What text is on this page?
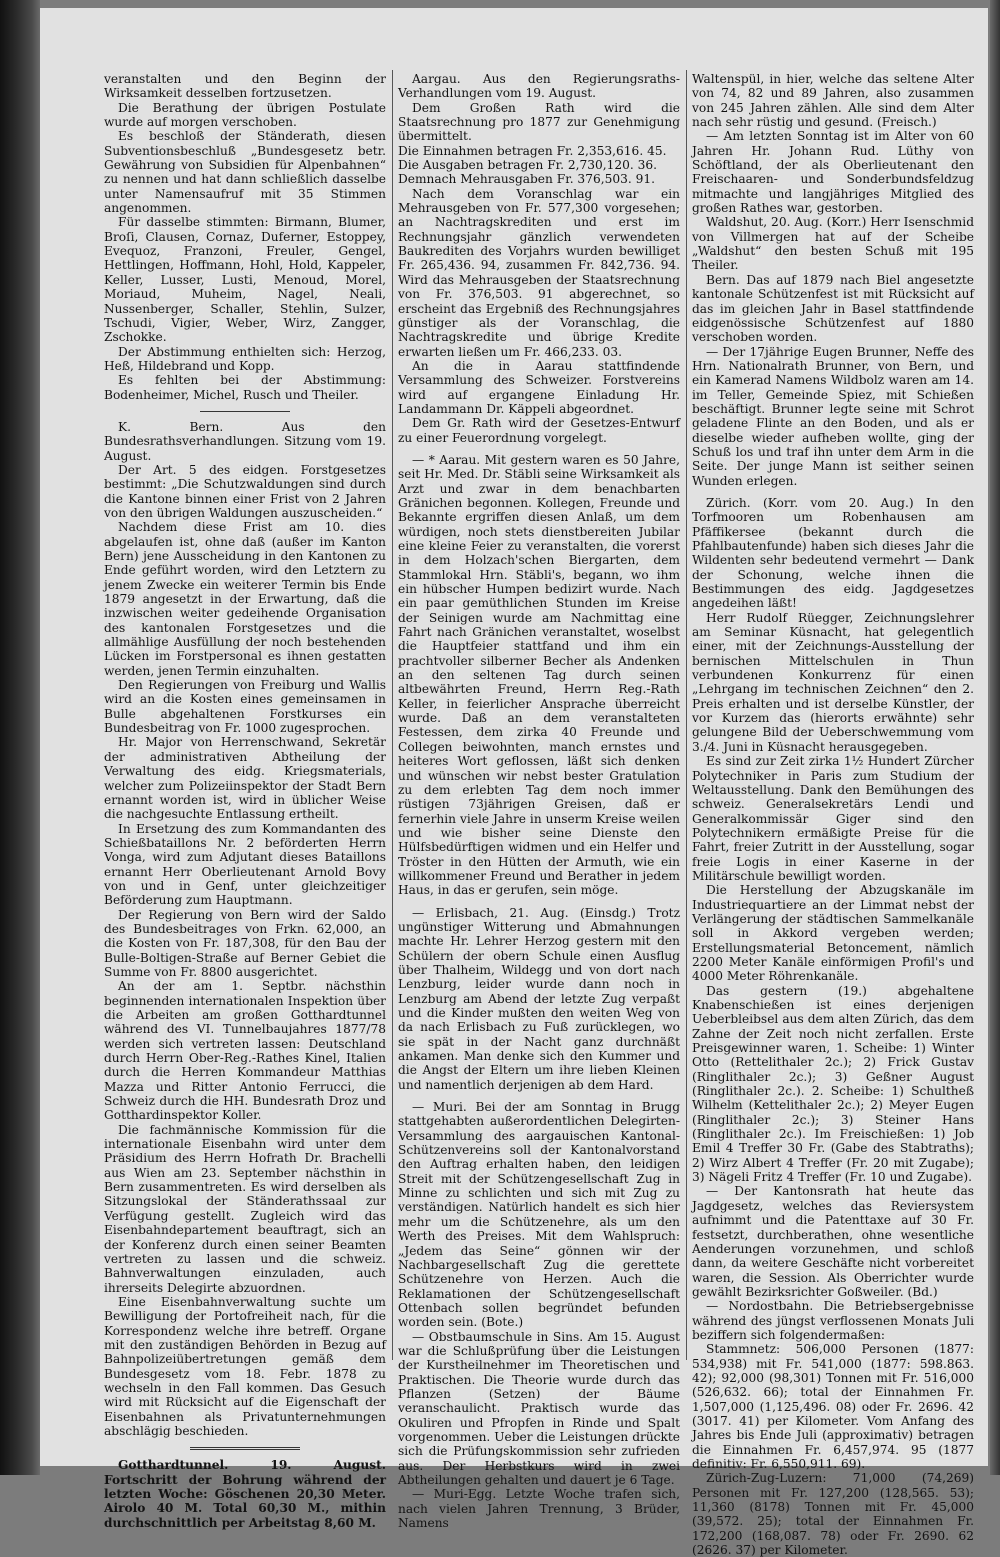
veranstalten und den Beginn der Wirksamkeit desselben fortzusetzen.

Die Berathung der übrigen Postulate wurde auf morgen verschoben.

Es beschloß der Ständerath, diesen Subventionsbeschluß „Bundesgesetz betr. Gewährung von Subsidien für Alpenbahnen“ zu nennen und hat dann schließlich dasselbe unter Namensaufruf mit 35 Stimmen angenommen.

Für dasselbe stimmten: Birmann, Blumer, Broſi, Clausen, Cornaz, Duferner, Estoppey, Evequoz, Franzoni, Freuler, Gengel, Hettlingen, Hoffmann, Hohl, Hold, Kappeler, Keller, Lusser, Lusti, Menoud, Morel, Moriaud, Muheim, Nagel, Neali, Nussenberger, Schaller, Stehlin, Sulzer, Tschudi, Vigier, Weber, Wirz, Zangger, Zschokke.

Der Abstimmung enthielten sich: Herzog, Heß, Hildebrand und Kopp.

Es fehlten bei der Abstimmung: Bodenheimer, Michel, Rusch und Theiler.

K. Bern. Aus den Bundesrathsverhandlungen. Sitzung vom 19. August.

Der Art. 5 des eidgen. Forstgesetzes bestimmt: „Die Schutzwaldungen sind durch die Kantone binnen einer Frist von 2 Jahren von den übrigen Waldungen auszuscheiden.“

Nachdem diese Frist am 10. dies abgelaufen ist, ohne daß (außer im Kanton Bern) jene Ausscheidung in den Kantonen zu Ende geführt worden, wird den Letztern zu jenem Zwecke ein weiterer Termin bis Ende 1879 angesetzt in der Erwartung, daß die inzwischen weiter gedeihende Organisation des kantonalen Forstgesetzes und die allmählige Ausfüllung der noch bestehenden Lücken im Forstpersonal es ihnen gestatten werden, jenen Termin einzuhalten.

Den Regierungen von Freiburg und Wallis wird an die Kosten eines gemeinsamen in Bulle abgehaltenen Forstkurses ein Bundesbeitrag von Fr. 1000 zugesprochen.

Hr. Major von Herrenschwand, Sekretär der administrativen Abtheilung der Verwaltung des eidg. Kriegsmaterials, welcher zum Polizeiinspektor der Stadt Bern ernannt worden ist, wird in üblicher Weise die nachgesuchte Entlassung ertheilt.

In Ersetzung des zum Kommandanten des Schießbataillons Nr. 2 beförderten Herrn Vonga, wird zum Adjutant dieses Bataillons ernannt Herr Oberlieutenant Arnold Bovy von und in Genf, unter gleichzeitiger Beförderung zum Hauptmann.

Der Regierung von Bern wird der Saldo des Bundesbeitrages von Frkn. 62,000, an die Kosten von Fr. 187,308, für den Bau der Bulle-Boltigen-Straße auf Berner Gebiet die Summe von Fr. 8800 ausgerichtet.

An der am 1. Septbr. nächsthin beginnenden internationalen Inspektion über die Arbeiten am großen Gotthardtunnel während des VI. Tunnelbaujahres 1877/78 werden sich vertreten lassen: Deutschland durch Herrn Ober-Reg.-Rathes Kinel, Italien durch die Herren Kommandeur Matthias Mazza und Ritter Antonio Ferrucci, die Schweiz durch die HH. Bundesrath Droz und Gotthardinspektor Koller.

Die fachmännische Kommission für die internationale Eisenbahn wird unter dem Präsidium des Herrn Hofrath Dr. Brachelli aus Wien am 23. September nächsthin in Bern zusammentreten. Es wird derselben als Sitzungslokal der Ständerathssaal zur Verfügung gestellt. Zugleich wird das Eisenbahndepartement beauftragt, sich an der Konferenz durch einen seiner Beamten vertreten zu lassen und die schweiz. Bahnverwaltungen einzuladen, auch ihrerseits Delegirte abzuordnen.

Eine Eisenbahnverwaltung suchte um Bewilligung der Portofreiheit nach, für die Korrespondenz welche ihre betreff. Organe mit den zuständigen Behörden in Bezug auf Bahnpolizeiübertretungen gemäß dem Bundesgesetz vom 18. Febr. 1878 zu wechseln in den Fall kommen. Das Gesuch wird mit Rücksicht auf die Eigenschaft der Eisenbahnen als Privatunternehmungen abschlägig beschieden.

Gotthardtunnel. 19. August. Fortschritt der Bohrung während der letzten Woche: Göschenen 20,30 Meter. Airolo 40 M. Total 60,30 M., mithin durchschnittlich per Arbeitstag 8,60 M.

Aargau. Aus den Regierungsraths-Verhandlungen vom 19. August.

Dem Großen Rath wird die Staatsrechnung pro 1877 zur Genehmigung übermittelt.

Die Einnahmen betragen Fr. 2,353,616. 45.

Die Ausgaben betragen Fr. 2,730,120. 36.

Demnach Mehrausgaben Fr. 376,503. 91.

Nach dem Voranschlag war ein Mehrausgeben von Fr. 577,300 vorgesehen; an Nachtragskrediten und erst im Rechnungsjahr gänzlich verwendeten Baukrediten des Vorjahrs wurden bewilliget Fr. 265,436. 94, zusammen Fr. 842,736. 94. Wird das Mehrausgeben der Staatsrechnung von Fr. 376,503. 91 abgerechnet, so erscheint das Ergebniß des Rechnungsjahres günstiger als der Voranschlag, die Nachtragskredite und übrige Kredite erwarten ließen um Fr. 466,233. 03.

An die in Aarau stattfindende Versammlung des Schweizer. Forstvereins wird auf ergangene Einladung Hr. Landammann Dr. Käppeli abgeordnet.

Dem Gr. Rath wird der Gesetzes-Entwurf zu einer Feuerordnung vorgelegt.

— * Aarau. Mit gestern waren es 50 Jahre, seit Hr. Med. Dr. Stäbli seine Wirksamkeit als Arzt und zwar in dem benachbarten Gränichen begonnen. Kollegen, Freunde und Bekannte ergriffen diesen Anlaß, um dem würdigen, noch stets dienstbereiten Jubilar eine kleine Feier zu veranstalten, die vorerst in dem Holzach'schen Biergarten, dem Stammlokal Hrn. Stäbli's, begann, wo ihm ein hübscher Humpen bedizirt wurde. Nach ein paar gemüthlichen Stunden im Kreise der Seinigen wurde am Nachmittag eine Fahrt nach Gränichen veranstaltet, woselbst die Hauptfeier stattfand und ihm ein prachtvoller silberner Becher als Andenken an den seltenen Tag durch seinen altbewährten Freund, Herrn Reg.-Rath Keller, in feierlicher Ansprache überreicht wurde. Daß an dem veranstalteten Festessen, dem zirka 40 Freunde und Collegen beiwohnten, manch ernstes und heiteres Wort geflossen, läßt sich denken und wünschen wir nebst bester Gratulation zu dem erlebten Tag dem noch immer rüstigen 73jährigen Greisen, daß er fernerhin viele Jahre in unserm Kreise weilen und wie bisher seine Dienste den Hülfsbedürftigen widmen und ein Helfer und Tröster in den Hütten der Armuth, wie ein willkommener Freund und Berather in jedem Haus, in das er gerufen, sein möge.

— Erlisbach, 21. Aug. (Einsdg.) Trotz ungünstiger Witterung und Abmahnungen machte Hr. Lehrer Herzog gestern mit den Schülern der obern Schule einen Ausflug über Thalheim, Wildegg und von dort nach Lenzburg, leider wurde dann noch in Lenzburg am Abend der letzte Zug verpaßt und die Kinder mußten den weiten Weg von da nach Erlisbach zu Fuß zurücklegen, wo sie spät in der Nacht ganz durchnäßt ankamen. Man denke sich den Kummer und die Angst der Eltern um ihre lieben Kleinen und namentlich derjenigen ab dem Hard.

— Muri. Bei der am Sonntag in Brugg stattgehabten außerordentlichen Delegirten-Versammlung des aargauischen Kantonal-Schützenvereins soll der Kantonalvorstand den Auftrag erhalten haben, den leidigen Streit mit der Schützengesellschaft Zug in Minne zu schlichten und sich mit Zug zu verständigen. Natürlich handelt es sich hier mehr um die Schützenehre, als um den Werth des Preises. Mit dem Wahlspruch: „Jedem das Seine“ gönnen wir der Nachbargesellschaft Zug die gerettete Schützenehre von Herzen. Auch die Reklamationen der Schützengesellschaft Ottenbach sollen begründet befunden worden sein. (Bote.)

— Obstbaumschule in Sins. Am 15. August war die Schlußprüfung über die Leistungen der Kurstheilnehmer im Theoretischen und Praktischen. Die Theorie wurde durch das Pflanzen (Setzen) der Bäume veranschaulicht. Praktisch wurde das Okuliren und Pfropfen in Rinde und Spalt vorgenommen. Ueber die Leistungen drückte sich die Prüfungskommission sehr zufrieden aus. Der Herbstkurs wird in zwei Abtheilungen gehalten und dauert je 6 Tage.

— Muri-Egg. Letzte Woche trafen sich, nach vielen Jahren Trennung, 3 Brüder, Namens

Waltenspül, in hier, welche das seltene Alter von 74, 82 und 89 Jahren, also zusammen von 245 Jahren zählen. Alle sind dem Alter nach sehr rüstig und gesund. (Freisch.)

— Am letzten Sonntag ist im Alter von 60 Jahren Hr. Johann Rud. Lüthy von Schöftland, der als Oberlieutenant den Freischaaren- und Sonderbundsfeldzug mitmachte und langjähriges Mitglied des großen Rathes war, gestorben.

Waldshut, 20. Aug. (Korr.) Herr Isenschmid von Villmergen hat auf der Scheibe „Waldshut“ den besten Schuß mit 195 Theiler.

Bern. Das auf 1879 nach Biel angesetzte kantonale Schützenfest ist mit Rücksicht auf das im gleichen Jahr in Basel stattfindende eidgenössische Schützenfest auf 1880 verschoben worden.

— Der 17jährige Eugen Brunner, Neffe des Hrn. Nationalrath Brunner, von Bern, und ein Kamerad Namens Wildbolz waren am 14. im Teller, Gemeinde Spiez, mit Schießen beschäftigt. Brunner legte seine mit Schrot geladene Flinte an den Boden, und als er dieselbe wieder aufheben wollte, ging der Schuß los und traf ihn unter dem Arm in die Seite. Der junge Mann ist seither seinen Wunden erlegen.

Zürich. (Korr. vom 20. Aug.) In den Torfmooren um Robenhausen am Pfäffikersee (bekannt durch die Pfahlbautenfunde) haben sich dieses Jahr die Wildenten sehr bedeutend vermehrt — Dank der Schonung, welche ihnen die Bestimmungen des eidg. Jagdgesetzes angedeihen läßt!

Herr Rudolf Rüegger, Zeichnungslehrer am Seminar Küsnacht, hat gelegentlich einer, mit der Zeichnungs-Ausstellung der bernischen Mittelschulen in Thun verbundenen Konkurrenz für einen „Lehrgang im technischen Zeichnen“ den 2. Preis erhalten und ist derselbe Künstler, der vor Kurzem das (hierorts erwähnte) sehr gelungene Bild der Ueberschwemmung vom 3./4. Juni in Küsnacht herausgegeben.

Es sind zur Zeit zirka 1½ Hundert Zürcher Polytechniker in Paris zum Studium der Weltausstellung. Dank den Bemühungen des schweiz. Generalsekretärs Lendi und Generalkommissär Giger sind den Polytechnikern ermäßigte Preise für die Fahrt, freier Zutritt in der Ausstellung, sogar freie Logis in einer Kaserne in der Militärschule bewilligt worden.

Die Herstellung der Abzugskanäle im Industriequartiere an der Limmat nebst der Verlängerung der städtischen Sammelkanäle soll in Akkord vergeben werden; Erstellungsmaterial Betoncement, nämlich 2200 Meter Kanäle einförmigen Profil's und 4000 Meter Röhrenkanäle.

Das gestern (19.) abgehaltene Knabenschießen ist eines derjenigen Ueberbleibsel aus dem alten Zürich, das dem Zahne der Zeit noch nicht zerfallen. Erste Preisgewinner waren, 1. Scheibe: 1) Winter Otto (Rettelithaler 2c.); 2) Frick Gustav (Ringlithaler 2c.); 3) Geßner August (Ringlithaler 2c.). 2. Scheibe: 1) Schultheß Wilhelm (Kettelithaler 2c.); 2) Meyer Eugen (Ringlithaler 2c.); 3) Steiner Hans (Ringlithaler 2c.). Im Freischießen: 1) Job Emil 4 Treffer 30 Fr. (Gabe des Stabtraths); 2) Wirz Albert 4 Treffer (Fr. 20 mit Zugabe); 3) Nägeli Fritz 4 Treffer (Fr. 10 und Zugabe).

— Der Kantonsrath hat heute das Jagdgesetz, welches das Reviersystem aufnimmt und die Patenttaxe auf 30 Fr. festsetzt, durchberathen, ohne wesentliche Aenderungen vorzunehmen, und schloß dann, da weitere Geschäfte nicht vorbereitet waren, die Session. Als Oberrichter wurde gewählt Bezirksrichter Goßweiler. (Bd.)

— Nordostbahn. Die Betriebsergebnisse während des jüngst verflossenen Monats Juli beziffern sich folgendermaßen:

Stammnetz: 506,000 Personen (1877: 534,938) mit Fr. 541,000 (1877: 598.863. 42); 92,000 (98,301) Tonnen mit Fr. 516,000 (526,632. 66); total der Einnahmen Fr. 1,507,000 (1,125,496. 08) oder Fr. 2696. 42 (3017. 41) per Kilometer. Vom Anfang des Jahres bis Ende Juli (approximativ) betragen die Einnahmen Fr. 6,457,974. 95 (1877 definitiv: Fr. 6,550,911. 69).

Zürich-Zug-Luzern: 71,000 (74,269) Personen mit Fr. 127,200 (128,565. 53); 11,360 (8178) Tonnen mit Fr. 45,000 (39,572. 25); total der Einnahmen Fr. 172,200 (168,087. 78) oder Fr. 2690. 62 (2626. 37) per Kilometer.
